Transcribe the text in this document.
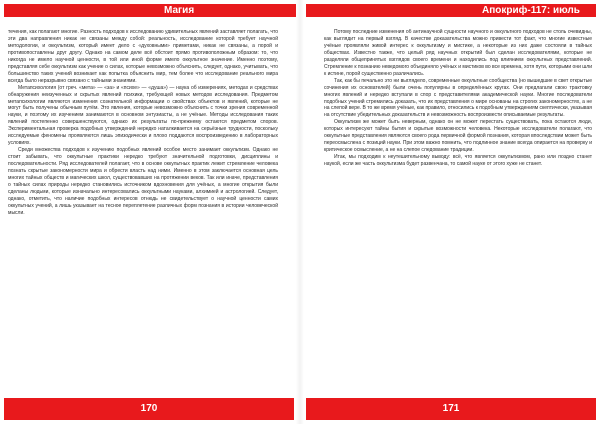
Магия

течения, как полагают многие. Разность подходов к исследованию удивительных явлений заставляет полагать, что эти два направления никак не связаны между собой: реальность, исследование которой требует научной методологии, и оккультизм, который имеет дело с «духовными» приметами, никак не связаны, а порой и противопоставлены друг другу. Однако на самом деле всё обстоит прямо противоположным образом: то, что никогда не имело научной ценности, в той или иной форме имело оккультное значение. Именно поэтому, представляя себе оккультизм как учение о силах, которые невозможно объяснить, следует, однако, учитывать, что большинство таких учений возникает как попытка объяснить мир, тем более что исследование реального мира всегда было неразрывно связано с тайными знаниями.

Метапсихология (от греч. «мета» — «за» и «психе» — «душа») — наука об измерениях, методах и средствах обнаружения неизученных и скрытых явлений психики, требующей новых методов исследования. Предметом метапсихологии являются изменения сознательной информации о свойствах объектов и явлений, которые не могут быть получены обычным путём. Это явления, которые невозможно объяснить с точки зрения современной науки, и поэтому их изучением занимаются в основном энтузиасты, а не учёные. Методы исследования таких явлений постепенно совершенствуются, однако их результаты по-прежнему остаются предметом споров. Экспериментальная проверка подобных утверждений нередко наталкивается на серьёзные трудности, поскольку исследуемые феномены проявляются лишь эпизодически и плохо поддаются воспроизведению в лабораторных условиях.

Среди множества подходов к изучению подобных явлений особое место занимает оккультизм. Однако не стоит забывать, что оккультные практики нередко требуют значительной подготовки, дисциплины и последовательности. Ряд исследователей полагает, что в основе оккультных практик лежит стремление человека познать скрытые закономерности мира и обрести власть над ними. Именно в этом заключается основная цель многих тайных обществ и магических школ, существовавших на протяжении веков. Так или иначе, представления о тайных силах природы нередко становились источником вдохновения для учёных, а многие открытия были сделаны людьми, которые изначально интересовались оккультными науками, алхимией и астрологией. Следует, однако, отметить, что наличие подобных интересов отнюдь не свидетельствует о научной ценности самих оккультных учений, а лишь указывает на тесное переплетение различных форм познания в истории человеческой мысли.

170
Апокриф-117: июль 2017 (@5.3 e.n.)

Потому последние изменения об антинаучной сущности научного и оккультного подходов не столь очевидны, как выглядит на первый взгляд. В качестве доказательства можно привести тот факт, что многие известные учёные проявляли живой интерес к оккультизму и мистике, а некоторые из них даже состояли в тайных обществах. Известно также, что целый ряд научных открытий был сделан исследователями, которые не разделяли общепринятых взглядов своего времени и находились под влиянием оккультных представлений. Стремление к познанию неведомого объединяло учёных и мистиков во все времена, хотя пути, которыми они шли к истине, порой существенно различались.

Так, как бы печально это ни выглядело, современные оккультные сообщества (но вышедшие в свет открытые сочинения их основателей) были очень популярны в определённых кругах. Они предлагали свою трактовку многих явлений и нередко вступали в спор с представителями академической науки. Многие последователи подобных учений стремились доказать, что их представления о мире основаны на строгих закономерностях, а не на слепой вере. В то же время учёные, как правило, относились к подобным утверждениям скептически, указывая на отсутствие убедительных доказательств и невозможность воспроизвести описываемые результаты.

Оккультизм же может быть неверным, однако он не может перестать существовать, пока остаются люди, которых интересуют тайны бытия и скрытые возможности человека. Некоторые исследователи полагают, что оккультные представления являются своего рода первичной формой познания, которая впоследствии может быть переосмыслена с позиций науки. При этом важно помнить, что подлинное знание всегда опирается на проверку и критическое осмысление, а не на слепое следование традиции.

Итак, мы подходим к неутешительному выводу: всё, что является оккультизмом, рано или поздно станет наукой, если же часть оккультизма будет развенчана, то самой науке от этого хуже не станет.

171
